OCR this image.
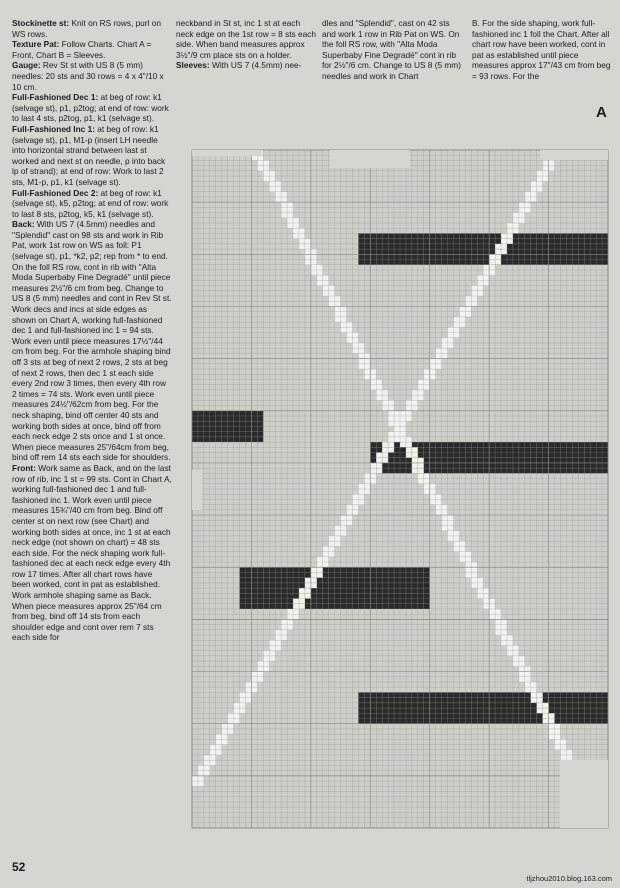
Stockinette st: Knit on RS rows, purl on WS rows.

Texture Pat: Follow Charts. Chart A = Front, Chart B = Sleeves.

Gauge: Rev St st with US 8 (5 mm) needles: 20 sts and 30 rows = 4 x 4"/10 x 10 cm.

Full-Fashioned Dec 1: at beg of row: k1 (selvage st), p1, p2tog; at end of row: work to last 4 sts, p2tog, p1, k1 (selvage st).

Full-Fashioned Inc 1: at beg of row: k1 (selvage st), p1, M1-p (insert LH needle into horizontal strand between last st worked and next st on needle, p into back lp of strand); at end of row: Work to last 2 sts, M1-p, p1, k1 (selvage st).

Full-Fashioned Dec 2: at beg of row: k1 (selvage st), k5, p2tog; at end of row: work to last 8 sts, p2tog, k5, k1 (selvage st).

Back: With US 7 (4.5mm) needles and "Splendid" cast on 98 sts and work in Rib Pat, work 1st row on WS as foll: P1 (selvage st), p1, *k2, p2; rep from * to end. On the foll RS row, cont in rib with "Alta Moda Superbaby Fine Degradé" until piece measures 2½"/6 cm from beg. Change to US 8 (5 mm) needles and cont in Rev St st. Work decs and incs at side edges as shown on Chart A, working full-fashioned dec 1 and full-fashioned inc 1 = 94 sts. Work even until piece measures 17½"/44 cm from beg. For the armhole shaping bind off 3 sts at beg of next 2 rows, 2 sts at beg of next 2 rows, then dec 1 st each side every 2nd row 3 times, then every 4th row 2 times = 74 sts. Work even until piece measures 24½"/62cm from beg. For the neck shaping, bind off center 40 sts and working both sides at once, bind off from each neck edge 2 sts once and 1 st once. When piece measures 25"/64cm from beg, bind off rem 14 sts each side for shoulders.

Front: Work same as Back, and on the last row of rib, inc 1 st = 99 sts. Cont in Chart A, working full-fashioned dec 1 and full-fashioned inc 1. Work even until piece measures 15¾"/40 cm from beg. Bind off center st on next row (see Chart) and working both sides at once, inc 1 st at each neck edge (not shown on chart) = 48 sts each side. For the neck shaping work full-fashioned dec at each neck edge every 4th row 17 times. After all chart rows have been worked, cont in pat as established. Work armhole shaping same as Back. When piece measures approx 25"/64 cm from beg, bind off 14 sts from each shoulder edge and cont over rem 7 sts each side for

neckband in St st, inc 1 st at each neck edge on the 1st row = 8 sts each side. When band measures approx 3½"/9 cm place sts on a holder.
Sleeves: With US 7 (4.5mm) nee-

dles and "Splendid", cast on 42 sts and work 1 row in Rib Pat on WS. On the foll RS row, with "Alta Moda Superbaby Fine Degradé" cont in rib for 2½"/6 cm. Change to US 8 (5 mm) needles and work in Chart

B. For the side shaping, work full-fashioned inc 1 foll the Chart. After all chart row have been worked, cont in pat as established until piece measures approx 17"/43 cm from beg = 93 rows. For the

A
52
tljzhou2010.blog.163.com
